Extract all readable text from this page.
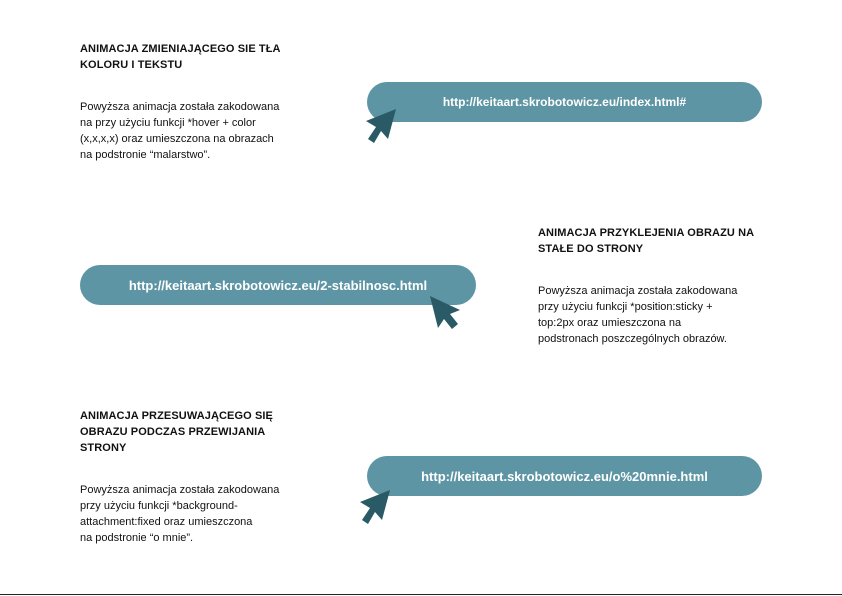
ANIMACJA ZMIENIAJĄCEGO SIE TŁA
KOLORU I TEKSTU

Powyższa animacja została zakodowana
na przy użyciu funkcji *hover + color
(x,x,x,x) oraz umieszczona na obrazach
na podstronie “malarstwo”.

http://keitaart.skrobotowicz.eu/index.html#
ANIMACJA PRZYKLEJENIA OBRAZU NA
STAŁE DO STRONY

Powyższa animacja została zakodowana
przy użyciu funkcji *position:sticky +
top:2px oraz umieszczona na
podstronach poszczególnych obrazów.

http://keitaart.skrobotowicz.eu/2-stabilnosc.html
ANIMACJA PRZESUWAJĄCEGO SIĘ
OBRAZU PODCZAS PRZEWIJANIA
STRONY

Powyższa animacja została zakodowana
przy użyciu funkcji *background-
attachment:fixed oraz umieszczona
na podstronie “o mnie”.

http://keitaart.skrobotowicz.eu/o%20mnie.html
